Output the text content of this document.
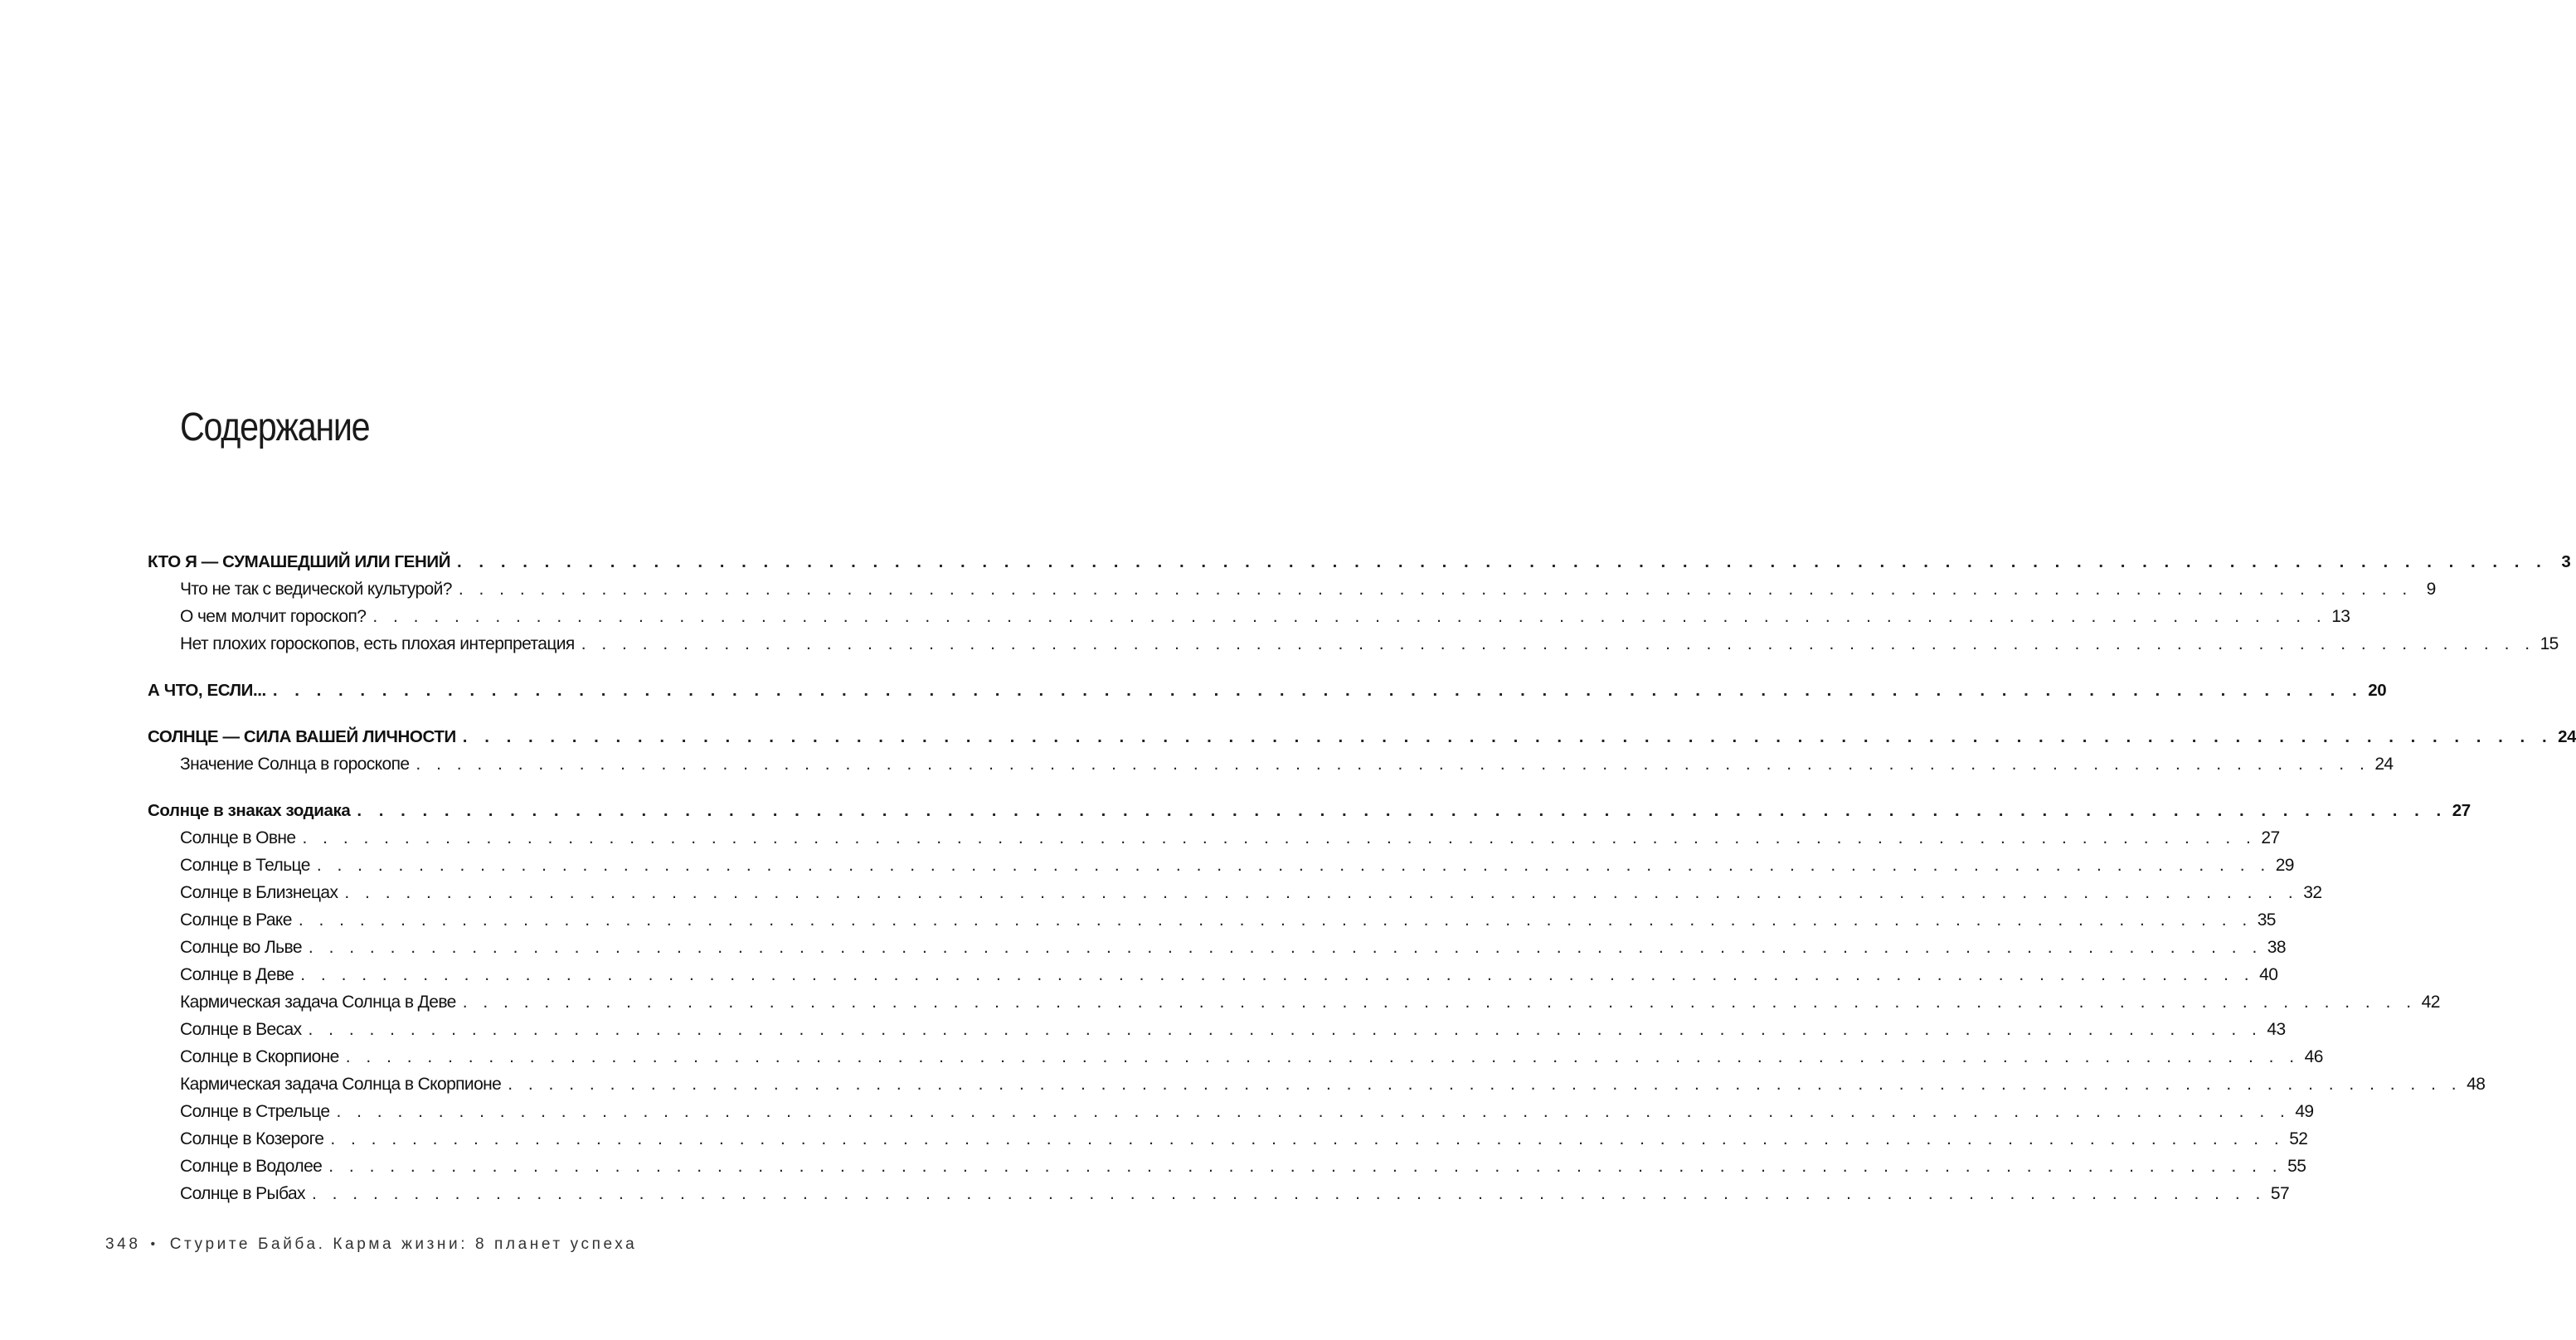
Содержание
КТО Я — СУМАШЕДШИЙ ИЛИ ГЕНИЙ . . . . . . . . . . . . . . . . . . . . . . . . . . . . . . . . . . . . . . . . . . . . . . . . . . . . . . . . . . . . . . . . . . . . . . . . . . . . . . . . . . . . . . . . . . . . . . . . 3
Что не так с ведической культурой? . . . . . . . . . . . . . . . . . . . . . . . . . . . . . . . . . . . . . . . . . . . . . . . . . . . . . . . . . . . . . . . . . . . . . . . . . . . . . . . . . . . . . . . . . . . . . . . . 9
О чем молчит гороскоп? . . . . . . . . . . . . . . . . . . . . . . . . . . . . . . . . . . . . . . . . . . . . . . . . . . . . . . . . . . . . . . . . . . . . . . . . . . . . . . . . . . . . . . . . . . . . . . . . 13
Нет плохих гороскопов, есть плохая интерпретация . . . . . . . . . . . . . . . . . . . . . . . . . . . . . . . . . . . . . . . . . . . . . . . . . . . . . . . . . . . . . . . . . . . . . . . . . . . . . . . . . . . . . . . . . . . . . . . . 15
А ЧТО, ЕСЛИ... . . . . . . . . . . . . . . . . . . . . . . . . . . . . . . . . . . . . . . . . . . . . . . . . . . . . . . . . . . . . . . . . . . . . . . . . . . . . . . . . . . . . . . . . . . . . . . . . 20
СОЛНЦЕ — СИЛА ВАШЕЙ ЛИЧНОСТИ . . . . . . . . . . . . . . . . . . . . . . . . . . . . . . . . . . . . . . . . . . . . . . . . . . . . . . . . . . . . . . . . . . . . . . . . . . . . . . . . . . . . . . . . . . . . . . . . 24
Значение Солнца в гороскопе . . . . . . . . . . . . . . . . . . . . . . . . . . . . . . . . . . . . . . . . . . . . . . . . . . . . . . . . . . . . . . . . . . . . . . . . . . . . . . . . . . . . . . . . . . . . . . . . 24
Солнце в знаках зодиака . . . . . . . . . . . . . . . . . . . . . . . . . . . . . . . . . . . . . . . . . . . . . . . . . . . . . . . . . . . . . . . . . . . . . . . . . . . . . . . . . . . . . . . . . . . . . . . . 27
Солнце в Овне . . . . . . . . . . . . . . . . . . . . . . . . . . . . . . . . . . . . . . . . . . . . . . . . . . . . . . . . . . . . . . . . . . . . . . . . . . . . . . . . . . . . . . . . . . . . . . . . 27
Солнце в Тельце . . . . . . . . . . . . . . . . . . . . . . . . . . . . . . . . . . . . . . . . . . . . . . . . . . . . . . . . . . . . . . . . . . . . . . . . . . . . . . . . . . . . . . . . . . . . . . . . 29
Солнце в Близнецах . . . . . . . . . . . . . . . . . . . . . . . . . . . . . . . . . . . . . . . . . . . . . . . . . . . . . . . . . . . . . . . . . . . . . . . . . . . . . . . . . . . . . . . . . . . . . . . . 32
Солнце в Раке . . . . . . . . . . . . . . . . . . . . . . . . . . . . . . . . . . . . . . . . . . . . . . . . . . . . . . . . . . . . . . . . . . . . . . . . . . . . . . . . . . . . . . . . . . . . . . . . 35
Солнце во Льве . . . . . . . . . . . . . . . . . . . . . . . . . . . . . . . . . . . . . . . . . . . . . . . . . . . . . . . . . . . . . . . . . . . . . . . . . . . . . . . . . . . . . . . . . . . . . . . . 38
Солнце в Деве . . . . . . . . . . . . . . . . . . . . . . . . . . . . . . . . . . . . . . . . . . . . . . . . . . . . . . . . . . . . . . . . . . . . . . . . . . . . . . . . . . . . . . . . . . . . . . . . 40
Кармическая задача Солнца в Деве . . . . . . . . . . . . . . . . . . . . . . . . . . . . . . . . . . . . . . . . . . . . . . . . . . . . . . . . . . . . . . . . . . . . . . . . . . . . . . . . . . . . . . . . . . . . . . . . 42
Солнце в Весах . . . . . . . . . . . . . . . . . . . . . . . . . . . . . . . . . . . . . . . . . . . . . . . . . . . . . . . . . . . . . . . . . . . . . . . . . . . . . . . . . . . . . . . . . . . . . . . . 43
Солнце в Скорпионе . . . . . . . . . . . . . . . . . . . . . . . . . . . . . . . . . . . . . . . . . . . . . . . . . . . . . . . . . . . . . . . . . . . . . . . . . . . . . . . . . . . . . . . . . . . . . . . . 46
Кармическая задача Солнца в Скорпионе . . . . . . . . . . . . . . . . . . . . . . . . . . . . . . . . . . . . . . . . . . . . . . . . . . . . . . . . . . . . . . . . . . . . . . . . . . . . . . . . . . . . . . . . . . . . . . . . 48
Солнце в Стрельце . . . . . . . . . . . . . . . . . . . . . . . . . . . . . . . . . . . . . . . . . . . . . . . . . . . . . . . . . . . . . . . . . . . . . . . . . . . . . . . . . . . . . . . . . . . . . . . . 49
Солнце в Козероге . . . . . . . . . . . . . . . . . . . . . . . . . . . . . . . . . . . . . . . . . . . . . . . . . . . . . . . . . . . . . . . . . . . . . . . . . . . . . . . . . . . . . . . . . . . . . . . . 52
Солнце в Водолее . . . . . . . . . . . . . . . . . . . . . . . . . . . . . . . . . . . . . . . . . . . . . . . . . . . . . . . . . . . . . . . . . . . . . . . . . . . . . . . . . . . . . . . . . . . . . . . . 55
Солнце в Рыбах . . . . . . . . . . . . . . . . . . . . . . . . . . . . . . . . . . . . . . . . . . . . . . . . . . . . . . . . . . . . . . . . . . . . . . . . . . . . . . . . . . . . . . . . . . . . . . . . 57
348 • Стурите Байба. Карма жизни: 8 планет успеха
